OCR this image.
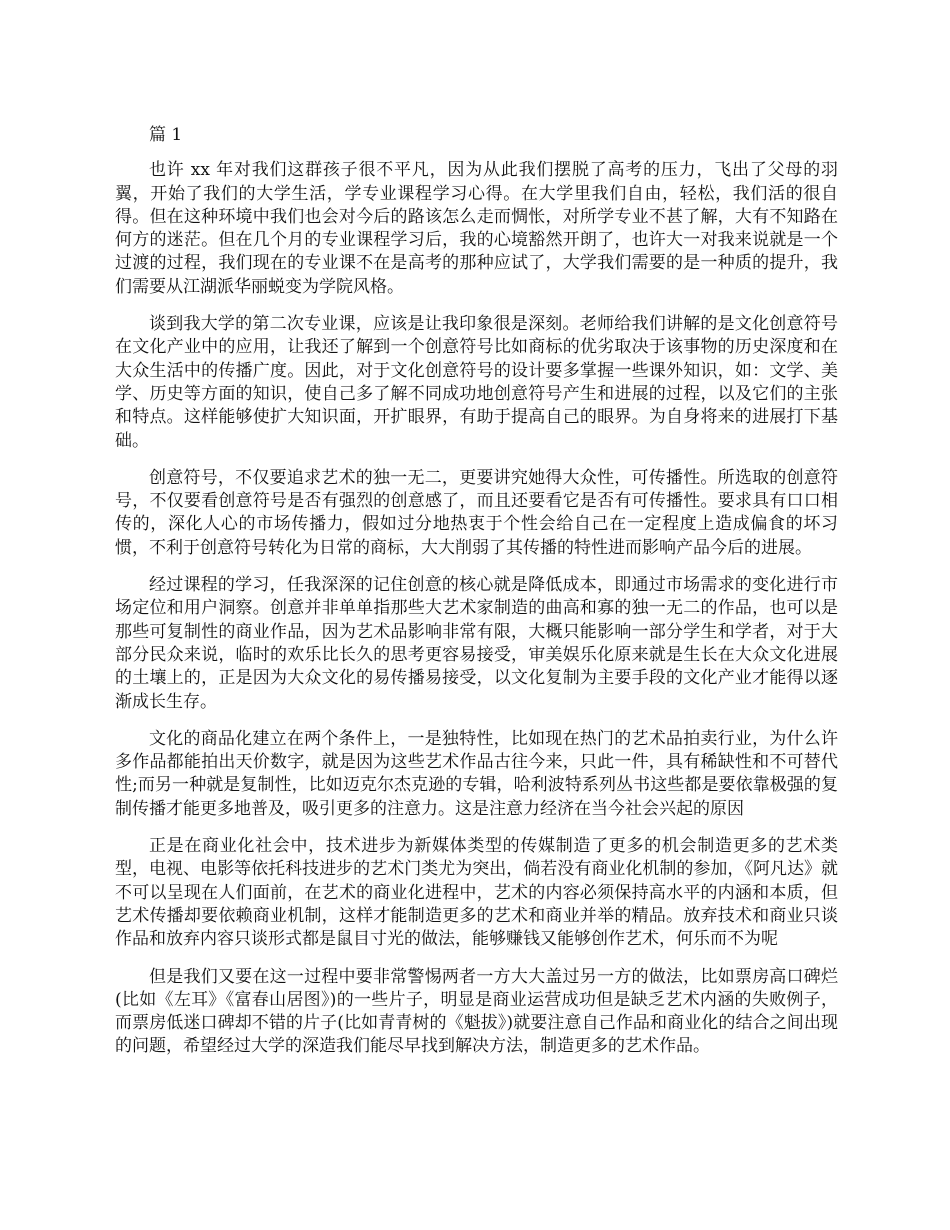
篇 1

也许 xx 年对我们这群孩子很不平凡，因为从此我们摆脱了高考的压力，飞出了父母的羽翼，开始了我们的大学生活，学专业课程学习心得。在大学里我们自由，轻松，我们活的很自得。但在这种环境中我们也会对今后的路该怎么走而惆怅，对所学专业不甚了解，大有不知路在何方的迷茫。但在几个月的专业课程学习后，我的心境豁然开朗了，也许大一对我来说就是一个过渡的过程，我们现在的专业课不在是高考的那种应试了，大学我们需要的是一种质的提升，我们需要从江湖派华丽蜕变为学院风格。

谈到我大学的第二次专业课，应该是让我印象很是深刻。老师给我们讲解的是文化创意符号在文化产业中的应用，让我还了解到一个创意符号比如商标的优劣取决于该事物的历史深度和在大众生活中的传播广度。因此，对于文化创意符号的设计要多掌握一些课外知识，如：文学、美学、历史等方面的知识，使自己多了解不同成功地创意符号产生和进展的过程，以及它们的主张和特点。这样能够使扩大知识面，开扩眼界，有助于提高自己的眼界。为自身将来的进展打下基础。

创意符号，不仅要追求艺术的独一无二，更要讲究她得大众性，可传播性。所选取的创意符号，不仅要看创意符号是否有强烈的创意感了，而且还要看它是否有可传播性。要求具有口口相传的，深化人心的市场传播力，假如过分地热衷于个性会给自己在一定程度上造成偏食的坏习惯，不利于创意符号转化为日常的商标，大大削弱了其传播的特性进而影响产品今后的进展。

经过课程的学习，任我深深的记住创意的核心就是降低成本，即通过市场需求的变化进行市场定位和用户洞察。创意并非单单指那些大艺术家制造的曲高和寡的独一无二的作品，也可以是那些可复制性的商业作品，因为艺术品影响非常有限，大概只能影响一部分学生和学者，对于大部分民众来说，临时的欢乐比长久的思考更容易接受，审美娱乐化原来就是生长在大众文化进展的土壤上的，正是因为大众文化的易传播易接受，以文化复制为主要手段的文化产业才能得以逐渐成长生存。

文化的商品化建立在两个条件上，一是独特性，比如现在热门的艺术品拍卖行业，为什么许多作品都能拍出天价数字，就是因为这些艺术作品古往今来，只此一件，具有稀缺性和不可替代性;而另一种就是复制性，比如迈克尔杰克逊的专辑，哈利波特系列丛书这些都是要依靠极强的复制传播才能更多地普及，吸引更多的注意力。这是注意力经济在当今社会兴起的原因

正是在商业化社会中，技术进步为新媒体类型的传媒制造了更多的机会制造更多的艺术类型，电视、电影等依托科技进步的艺术门类尤为突出，倘若没有商业化机制的参加，《阿凡达》就不可以呈现在人们面前，在艺术的商业化进程中，艺术的内容必须保持高水平的内涵和本质，但艺术传播却要依赖商业机制，这样才能制造更多的艺术和商业并举的精品。放弃技术和商业只谈作品和放弃内容只谈形式都是鼠目寸光的做法，能够赚钱又能够创作艺术，何乐而不为呢

但是我们又要在这一过程中要非常警惕两者一方大大盖过另一方的做法，比如票房高口碑烂(比如《左耳》《富春山居图》)的一些片子，明显是商业运营成功但是缺乏艺术内涵的失败例子，而票房低迷口碑却不错的片子(比如青青树的《魁拔》)就要注意自己作品和商业化的结合之间出现的问题，希望经过大学的深造我们能尽早找到解决方法，制造更多的艺术作品。
